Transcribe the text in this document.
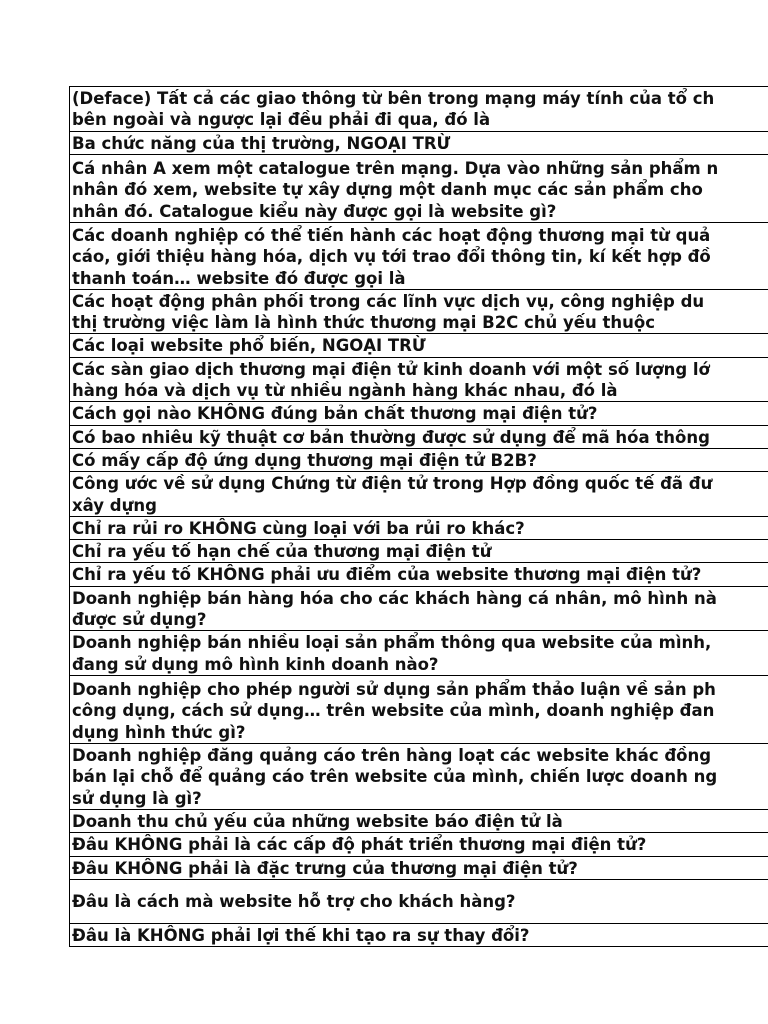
(Deface) Tất cả các giao thông từ bên trong mạng máy tính của tổ ch
bên ngoài và ngược lại đều phải đi qua, đó là
Ba chức năng của thị trường, NGOẠI TRỪ
Cá nhân A xem một catalogue trên mạng. Dựa vào những sản phẩm n
nhân đó xem, website tự xây dựng một danh mục các sản phẩm cho
nhân đó. Catalogue kiểu này được gọi là website gì?
Các doanh nghiệp có thể tiến hành các hoạt động thương mại từ quả
cáo, giới thiệu hàng hóa, dịch vụ tới trao đổi thông tin, kí kết hợp đồ
thanh toán… website đó được gọi là
Các hoạt động phân phối trong các lĩnh vực dịch vụ, công nghiệp du
thị trường việc làm là hình thức thương mại B2C chủ yếu thuộc
Các loại website phổ biến, NGOẠI TRỪ
Các sàn giao dịch thương mại điện tử kinh doanh với một số lượng lớ
hàng hóa và dịch vụ từ nhiều ngành hàng khác nhau, đó là
Cách gọi nào KHÔNG đúng bản chất thương mại điện tử?
Có bao nhiêu kỹ thuật cơ bản thường được sử dụng để mã hóa thông
Có mấy cấp độ ứng dụng thương mại điện tử B2B?
Công ước về sử dụng Chứng từ điện tử trong Hợp đồng quốc tế đã đư
xây dựng
Chỉ ra rủi ro KHÔNG cùng loại với ba rủi ro khác?
Chỉ ra yếu tố hạn chế của thương mại điện tử
Chỉ ra yếu tố KHÔNG phải ưu điểm của website thương mại điện tử?
Doanh nghiệp bán hàng hóa cho các khách hàng cá nhân, mô hình nà
được sử dụng?
Doanh nghiệp bán nhiều loại sản phẩm thông qua website của mình,
đang sử dụng mô hình kinh doanh nào?
Doanh nghiệp cho phép người sử dụng sản phẩm thảo luận về sản ph
công dụng, cách sử dụng… trên website của mình, doanh nghiệp đan
dụng hình thức gì?
Doanh nghiệp đăng quảng cáo trên hàng loạt các website khác đồng
bán lại chỗ để quảng cáo trên website của mình, chiến lược doanh ng
sử dụng là gì?
Doanh thu chủ yếu của những website báo điện tử là
Đâu KHÔNG phải là các cấp độ phát triển thương mại điện tử?
Đâu KHÔNG phải là đặc trưng của thương mại điện tử?
Đâu là cách mà website hỗ trợ cho khách hàng?
Đâu là KHÔNG phải lợi thế khi tạo ra sự thay đổi?
